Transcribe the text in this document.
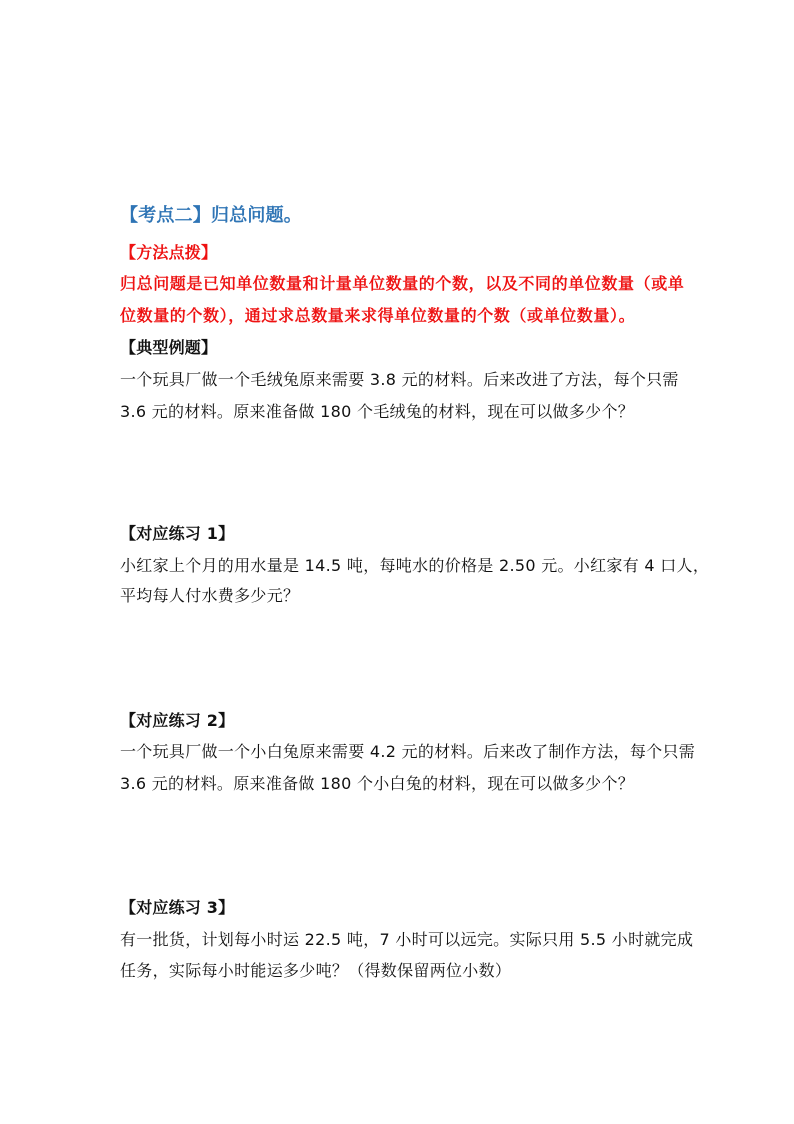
【考点二】归总问题。
【方法点拨】
归总问题是已知单位数量和计量单位数量的个数，以及不同的单位数量（或单
位数量的个数），通过求总数量来求得单位数量的个数（或单位数量）。
【典型例题】
一个玩具厂做一个毛绒兔原来需要 3.8 元的材料。后来改进了方法，每个只需
3.6 元的材料。原来准备做 180 个毛绒兔的材料，现在可以做多少个？
【对应练习 1】
小红家上个月的用水量是 14.5 吨，每吨水的价格是 2.50 元。小红家有 4 口人，
平均每人付水费多少元？
【对应练习 2】
一个玩具厂做一个小白兔原来需要 4.2 元的材料。后来改了制作方法，每个只需
3.6 元的材料。原来准备做 180 个小白兔的材料，现在可以做多少个？
【对应练习 3】
有一批货，计划每小时运 22.5 吨，7 小时可以远完。实际只用 5.5 小时就完成
任务，实际每小时能运多少吨？（得数保留两位小数）
